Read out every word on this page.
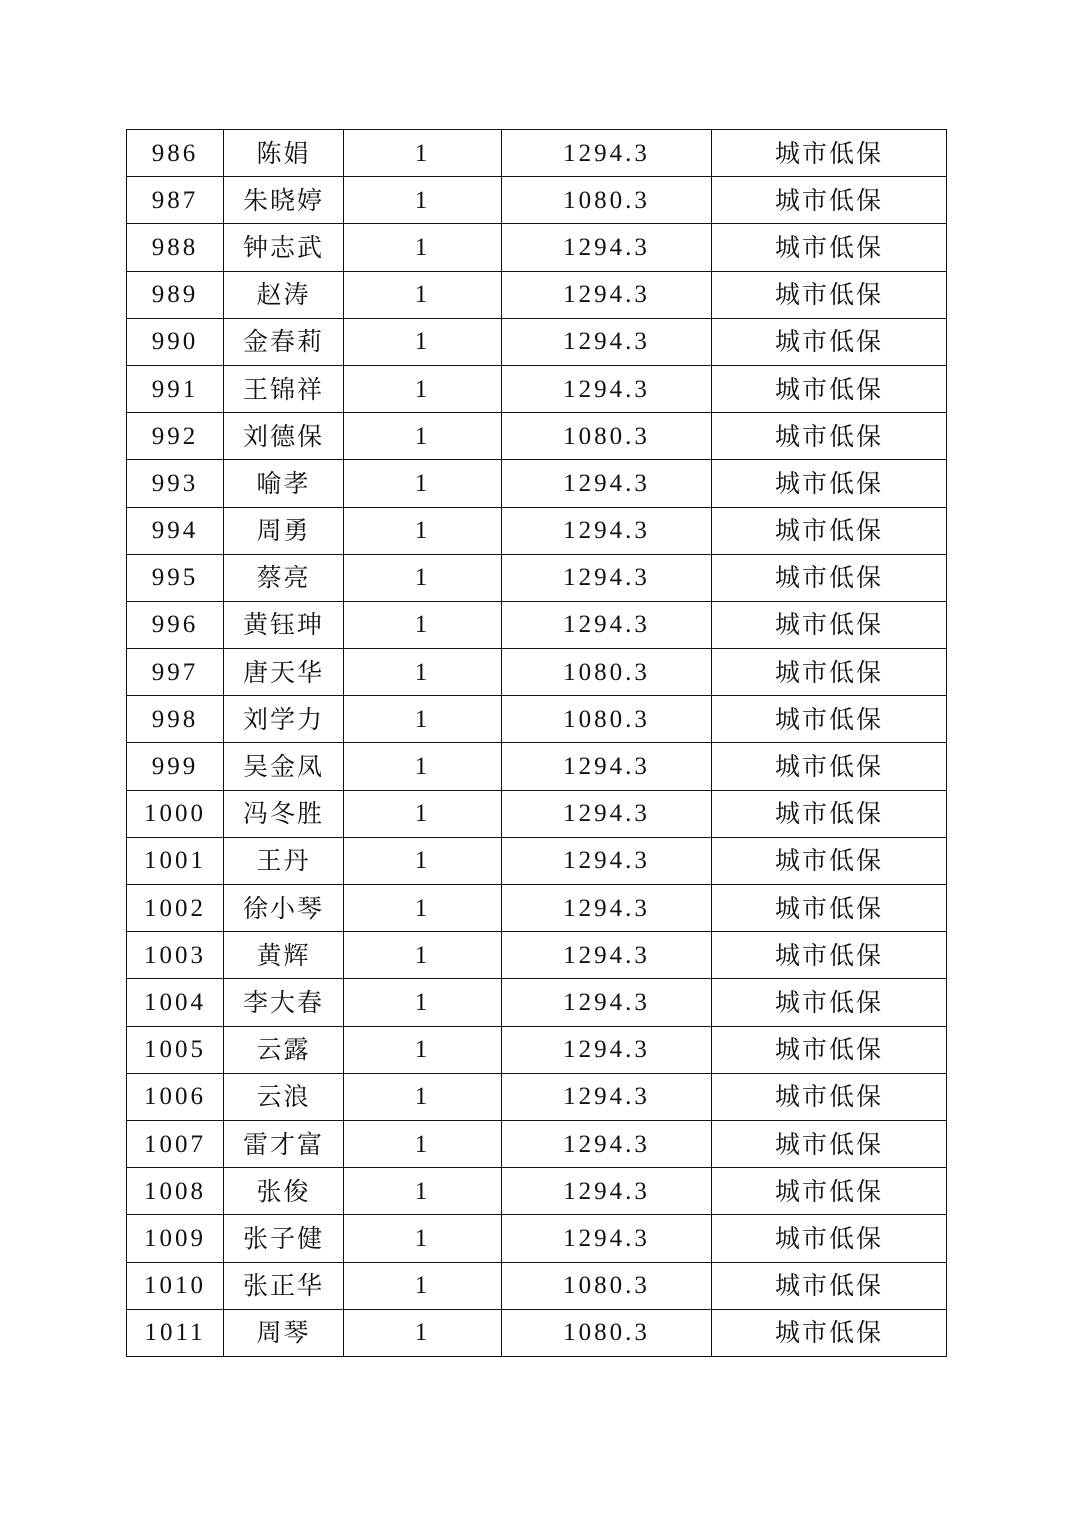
986	陈娟	1	1294.3	城市低保
987	朱晓婷	1	1080.3	城市低保
988	钟志武	1	1294.3	城市低保
989	赵涛	1	1294.3	城市低保
990	金春莉	1	1294.3	城市低保
991	王锦祥	1	1294.3	城市低保
992	刘德保	1	1080.3	城市低保
993	喻孝	1	1294.3	城市低保
994	周勇	1	1294.3	城市低保
995	蔡亮	1	1294.3	城市低保
996	黄钰珅	1	1294.3	城市低保
997	唐天华	1	1080.3	城市低保
998	刘学力	1	1080.3	城市低保
999	吴金凤	1	1294.3	城市低保
1000	冯冬胜	1	1294.3	城市低保
1001	王丹	1	1294.3	城市低保
1002	徐小琴	1	1294.3	城市低保
1003	黄辉	1	1294.3	城市低保
1004	李大春	1	1294.3	城市低保
1005	云露	1	1294.3	城市低保
1006	云浪	1	1294.3	城市低保
1007	雷才富	1	1294.3	城市低保
1008	张俊	1	1294.3	城市低保
1009	张子健	1	1294.3	城市低保
1010	张正华	1	1080.3	城市低保
1011	周琴	1	1080.3	城市低保
